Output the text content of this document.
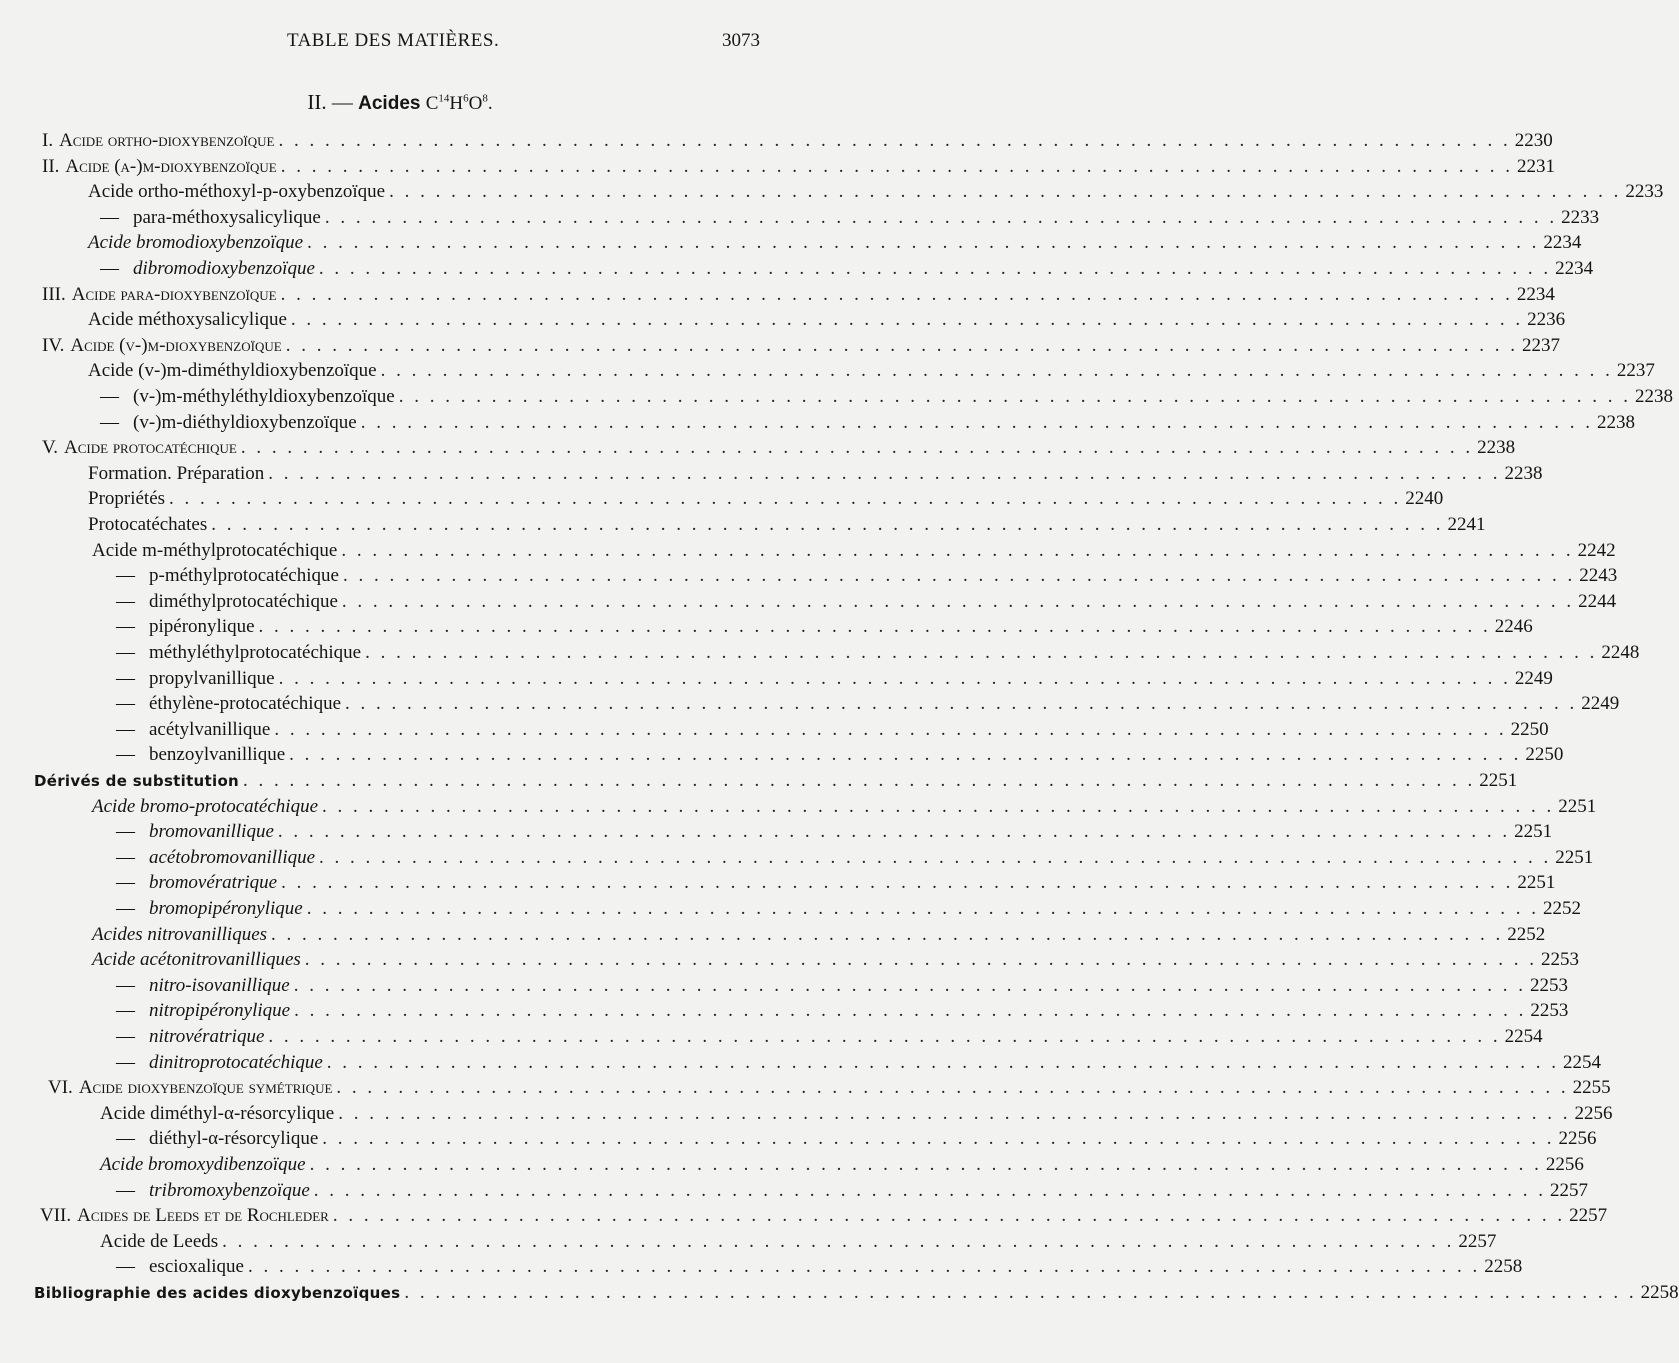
TABLE DES MATIÈRES.	3073
II. — Acides $C^{14}H^6O^8$.
I. Acide ortho-dioxybenzoïque . . . . . . . . . . . . . . . . . . . . . . . . . . . . . . . . . . . . . . . . . . . . . . . . . . . . . . . . . . . . . . . . . . . . . . . . . . . . . . . . 2230
II. Acide (a-)m-dioxybenzoïque . . . . . . . . . . . . . . . . . . . . . . . . . . . . . . . . . . . . . . . . . . . . . . . . . . . . . . . . . . . . . . . . . . . . . . . . . . . . . . . . 2231
Acide ortho-méthoxyl-p-oxybenzoïque . . . . . . . . . . . . . . . . . . . . . . . . . . . . . . . . . . . . . . . . . . . . . . . . . . . . . . . . . . . . . . . . . . . . . . . . . . . . . . . . 2233
— para-méthoxysalicylique . . . . . . . . . . . . . . . . . . . . . . . . . . . . . . . . . . . . . . . . . . . . . . . . . . . . . . . . . . . . . . . . . . . . . . . . . . . . . . . . 2233
Acide bromodioxybenzoïque . . . . . . . . . . . . . . . . . . . . . . . . . . . . . . . . . . . . . . . . . . . . . . . . . . . . . . . . . . . . . . . . . . . . . . . . . . . . . . . . 2234
— dibromodioxybenzoïque . . . . . . . . . . . . . . . . . . . . . . . . . . . . . . . . . . . . . . . . . . . . . . . . . . . . . . . . . . . . . . . . . . . . . . . . . . . . . . . . 2234
III. Acide para-dioxybenzoïque . . . . . . . . . . . . . . . . . . . . . . . . . . . . . . . . . . . . . . . . . . . . . . . . . . . . . . . . . . . . . . . . . . . . . . . . . . . . . . . . 2234
Acide méthoxysalicylique . . . . . . . . . . . . . . . . . . . . . . . . . . . . . . . . . . . . . . . . . . . . . . . . . . . . . . . . . . . . . . . . . . . . . . . . . . . . . . . . 2236
IV. Acide (v-)m-dioxybenzoïque . . . . . . . . . . . . . . . . . . . . . . . . . . . . . . . . . . . . . . . . . . . . . . . . . . . . . . . . . . . . . . . . . . . . . . . . . . . . . . . . 2237
Acide (v-)m-diméthyldioxybenzoïque . . . . . . . . . . . . . . . . . . . . . . . . . . . . . . . . . . . . . . . . . . . . . . . . . . . . . . . . . . . . . . . . . . . . . . . . . . . . . . . . 2237
— (v-)m-méthyléthyldioxybenzoïque . . . . . . . . . . . . . . . . . . . . . . . . . . . . . . . . . . . . . . . . . . . . . . . . . . . . . . . . . . . . . . . . . . . . . . . . . . . . . . . . 2238
— (v-)m-diéthyldioxybenzoïque . . . . . . . . . . . . . . . . . . . . . . . . . . . . . . . . . . . . . . . . . . . . . . . . . . . . . . . . . . . . . . . . . . . . . . . . . . . . . . . . 2238
V. Acide protocatéchique . . . . . . . . . . . . . . . . . . . . . . . . . . . . . . . . . . . . . . . . . . . . . . . . . . . . . . . . . . . . . . . . . . . . . . . . . . . . . . . . 2238
Formation. Préparation . . . . . . . . . . . . . . . . . . . . . . . . . . . . . . . . . . . . . . . . . . . . . . . . . . . . . . . . . . . . . . . . . . . . . . . . . . . . . . . . 2238
Propriétés . . . . . . . . . . . . . . . . . . . . . . . . . . . . . . . . . . . . . . . . . . . . . . . . . . . . . . . . . . . . . . . . . . . . . . . . . . . . . . . . 2240
Protocatéchates . . . . . . . . . . . . . . . . . . . . . . . . . . . . . . . . . . . . . . . . . . . . . . . . . . . . . . . . . . . . . . . . . . . . . . . . . . . . . . . . 2241
Acide m-méthylprotocatéchique . . . . . . . . . . . . . . . . . . . . . . . . . . . . . . . . . . . . . . . . . . . . . . . . . . . . . . . . . . . . . . . . . . . . . . . . . . . . . . . . 2242
— p-méthylprotocatéchique . . . . . . . . . . . . . . . . . . . . . . . . . . . . . . . . . . . . . . . . . . . . . . . . . . . . . . . . . . . . . . . . . . . . . . . . . . . . . . . . 2243
— diméthylprotocatéchique . . . . . . . . . . . . . . . . . . . . . . . . . . . . . . . . . . . . . . . . . . . . . . . . . . . . . . . . . . . . . . . . . . . . . . . . . . . . . . . . 2244
— pipéronylique . . . . . . . . . . . . . . . . . . . . . . . . . . . . . . . . . . . . . . . . . . . . . . . . . . . . . . . . . . . . . . . . . . . . . . . . . . . . . . . . 2246
— méthyléthylprotocatéchique . . . . . . . . . . . . . . . . . . . . . . . . . . . . . . . . . . . . . . . . . . . . . . . . . . . . . . . . . . . . . . . . . . . . . . . . . . . . . . . . 2248
— propylvanillique . . . . . . . . . . . . . . . . . . . . . . . . . . . . . . . . . . . . . . . . . . . . . . . . . . . . . . . . . . . . . . . . . . . . . . . . . . . . . . . . 2249
— éthylène-protocatéchique . . . . . . . . . . . . . . . . . . . . . . . . . . . . . . . . . . . . . . . . . . . . . . . . . . . . . . . . . . . . . . . . . . . . . . . . . . . . . . . . 2249
— acétylvanillique . . . . . . . . . . . . . . . . . . . . . . . . . . . . . . . . . . . . . . . . . . . . . . . . . . . . . . . . . . . . . . . . . . . . . . . . . . . . . . . . 2250
— benzoylvanillique . . . . . . . . . . . . . . . . . . . . . . . . . . . . . . . . . . . . . . . . . . . . . . . . . . . . . . . . . . . . . . . . . . . . . . . . . . . . . . . . 2250
Dérivés de substitution . . . . . . . . . . . . . . . . . . . . . . . . . . . . . . . . . . . . . . . . . . . . . . . . . . . . . . . . . . . . . . . . . . . . . . . . . . . . . . . . 2251
Acide bromo-protocatéchique . . . . . . . . . . . . . . . . . . . . . . . . . . . . . . . . . . . . . . . . . . . . . . . . . . . . . . . . . . . . . . . . . . . . . . . . . . . . . . . . 2251
— bromovanillique . . . . . . . . . . . . . . . . . . . . . . . . . . . . . . . . . . . . . . . . . . . . . . . . . . . . . . . . . . . . . . . . . . . . . . . . . . . . . . . . 2251
— acétobromovanillique . . . . . . . . . . . . . . . . . . . . . . . . . . . . . . . . . . . . . . . . . . . . . . . . . . . . . . . . . . . . . . . . . . . . . . . . . . . . . . . . 2251
— bromovératrique . . . . . . . . . . . . . . . . . . . . . . . . . . . . . . . . . . . . . . . . . . . . . . . . . . . . . . . . . . . . . . . . . . . . . . . . . . . . . . . . 2251
— bromopipéronylique . . . . . . . . . . . . . . . . . . . . . . . . . . . . . . . . . . . . . . . . . . . . . . . . . . . . . . . . . . . . . . . . . . . . . . . . . . . . . . . . 2252
Acides nitrovanilliques . . . . . . . . . . . . . . . . . . . . . . . . . . . . . . . . . . . . . . . . . . . . . . . . . . . . . . . . . . . . . . . . . . . . . . . . . . . . . . . . 2252
Acide acétonitrovanilliques . . . . . . . . . . . . . . . . . . . . . . . . . . . . . . . . . . . . . . . . . . . . . . . . . . . . . . . . . . . . . . . . . . . . . . . . . . . . . . . . 2253
— nitro-isovanillique . . . . . . . . . . . . . . . . . . . . . . . . . . . . . . . . . . . . . . . . . . . . . . . . . . . . . . . . . . . . . . . . . . . . . . . . . . . . . . . . 2253
— nitropipéronylique . . . . . . . . . . . . . . . . . . . . . . . . . . . . . . . . . . . . . . . . . . . . . . . . . . . . . . . . . . . . . . . . . . . . . . . . . . . . . . . . 2253
— nitrovératrique . . . . . . . . . . . . . . . . . . . . . . . . . . . . . . . . . . . . . . . . . . . . . . . . . . . . . . . . . . . . . . . . . . . . . . . . . . . . . . . . 2254
— dinitroprotocatéchique . . . . . . . . . . . . . . . . . . . . . . . . . . . . . . . . . . . . . . . . . . . . . . . . . . . . . . . . . . . . . . . . . . . . . . . . . . . . . . . . 2254
VI. Acide dioxybenzoïque symétrique . . . . . . . . . . . . . . . . . . . . . . . . . . . . . . . . . . . . . . . . . . . . . . . . . . . . . . . . . . . . . . . . . . . . . . . . . . . . . . . . 2255
Acide diméthyl-α-résorcylique . . . . . . . . . . . . . . . . . . . . . . . . . . . . . . . . . . . . . . . . . . . . . . . . . . . . . . . . . . . . . . . . . . . . . . . . . . . . . . . . 2256
— diéthyl-α-résorcylique . . . . . . . . . . . . . . . . . . . . . . . . . . . . . . . . . . . . . . . . . . . . . . . . . . . . . . . . . . . . . . . . . . . . . . . . . . . . . . . . 2256
Acide bromoxydibenzoïque . . . . . . . . . . . . . . . . . . . . . . . . . . . . . . . . . . . . . . . . . . . . . . . . . . . . . . . . . . . . . . . . . . . . . . . . . . . . . . . . 2256
— tribromoxybenzoïque . . . . . . . . . . . . . . . . . . . . . . . . . . . . . . . . . . . . . . . . . . . . . . . . . . . . . . . . . . . . . . . . . . . . . . . . . . . . . . . . 2257
VII. Acides de Leeds et de Rochleder . . . . . . . . . . . . . . . . . . . . . . . . . . . . . . . . . . . . . . . . . . . . . . . . . . . . . . . . . . . . . . . . . . . . . . . . . . . . . . . . 2257
Acide de Leeds . . . . . . . . . . . . . . . . . . . . . . . . . . . . . . . . . . . . . . . . . . . . . . . . . . . . . . . . . . . . . . . . . . . . . . . . . . . . . . . . 2257
— escioxalique . . . . . . . . . . . . . . . . . . . . . . . . . . . . . . . . . . . . . . . . . . . . . . . . . . . . . . . . . . . . . . . . . . . . . . . . . . . . . . . . 2258
Bibliographie des acides dioxybenzoïques . . . . . . . . . . . . . . . . . . . . . . . . . . . . . . . . . . . . . . . . . . . . . . . . . . . . . . . . . . . . . . . . . . . . . . . . . . . . . . . . 2258
